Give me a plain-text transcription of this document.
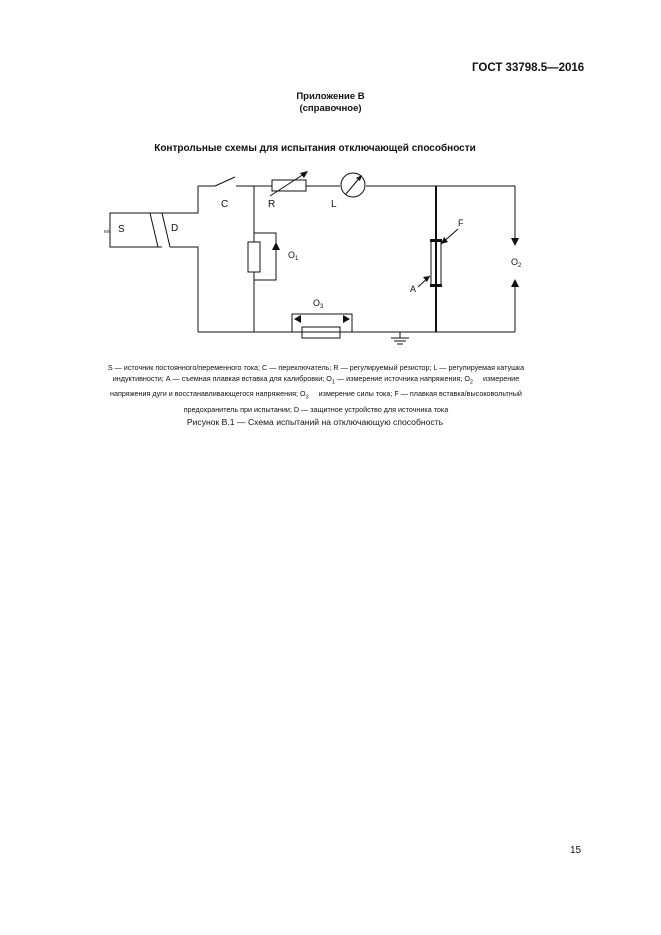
ГОСТ 33798.5—2016
Приложение В
(справочное)
Контрольные схемы для испытания отключающей способности
S
M/r	D
C	R	L
$O_1$	$O_2$
$O_3$
F
A
S — источник постоянного/переменного тока; C — переключатель; R — регулируемый резистор; L — регулируемая катушка
индуктивности; А — съемная плавкая вставка для калибровки; $O_1$ — измерение источника напряжения; $O_2$     измерение
напряжения дуги и восстанавливающегося напряжения; $O_3$     измерение силы тока; F — плавкая вставка/высоковольтный
предохранитель при испытании; D — защитное устройство для источника тока
Рисунок В.1 — Схема испытаний на отключающую способность
15
